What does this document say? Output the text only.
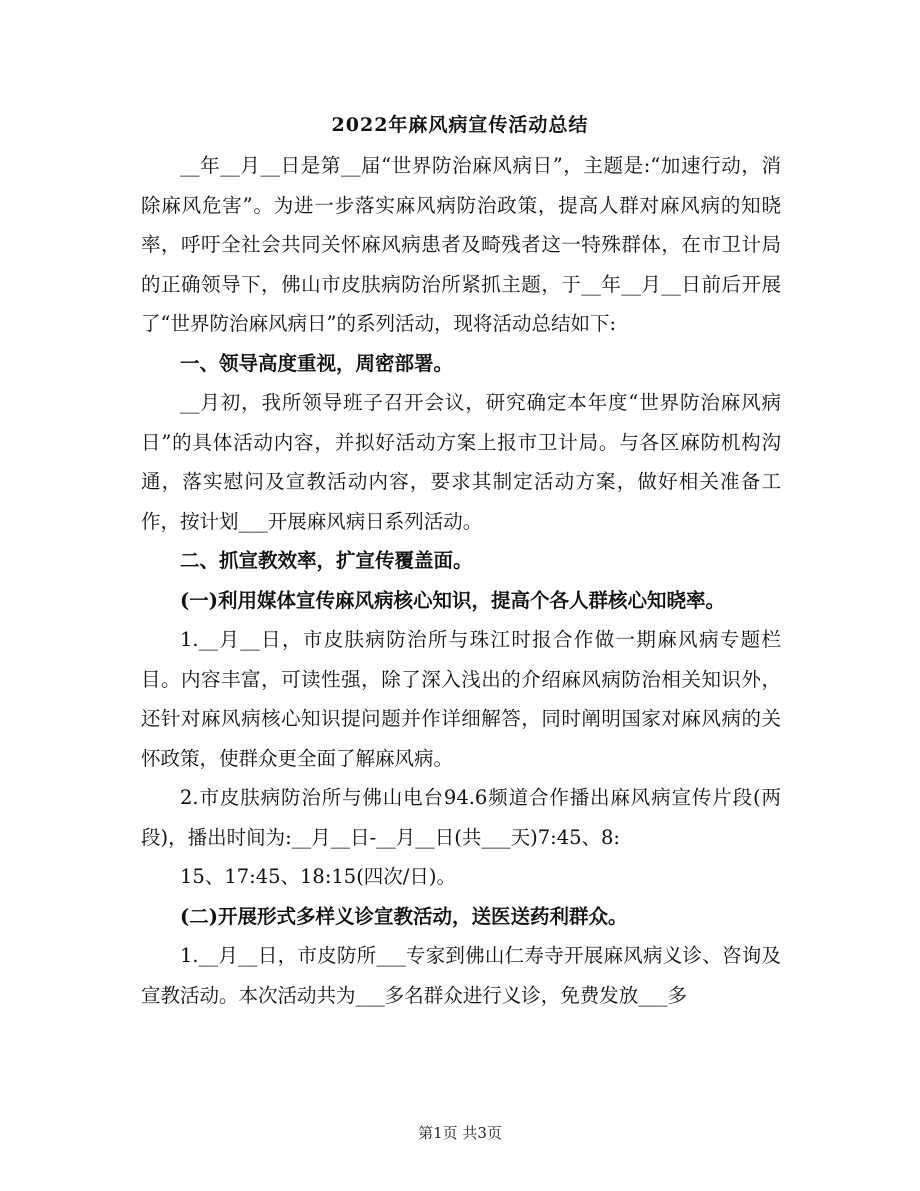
2022年麻风病宣传活动总结

__年__月__日是第__届“世界防治麻风病日”，主题是:“加速行动，消除麻风危害”。为进一步落实麻风病防治政策，提高人群对麻风病的知晓率，呼吁全社会共同关怀麻风病患者及畸残者这一特殊群体，在市卫计局的正确领导下，佛山市皮肤病防治所紧抓主题，于__年__月__日前后开展了“世界防治麻风病日”的系列活动，现将活动总结如下:

一、领导高度重视，周密部署。

__月初，我所领导班子召开会议，研究确定本年度“世界防治麻风病日”的具体活动内容，并拟好活动方案上报市卫计局。与各区麻防机构沟通，落实慰问及宣教活动内容，要求其制定活动方案，做好相关准备工作，按计划___开展麻风病日系列活动。

二、抓宣教效率，扩宣传覆盖面。

(一)利用媒体宣传麻风病核心知识，提高个各人群核心知晓率。

1.__月__日，市皮肤病防治所与珠江时报合作做一期麻风病专题栏目。内容丰富，可读性强，除了深入浅出的介绍麻风病防治相关知识外，还针对麻风病核心知识提问题并作详细解答，同时阐明国家对麻风病的关怀政策，使群众更全面了解麻风病。

2.市皮肤病防治所与佛山电台94.6频道合作播出麻风病宣传片段(两段)，播出时间为:__月__日-__月__日(共___天)7:45、8:

15、17:45、18:15(四次/日)。

(二)开展形式多样义诊宣教活动，送医送药利群众。

1.__月__日，市皮防所___专家到佛山仁寿寺开展麻风病义诊、咨询及宣教活动。本次活动共为___多名群众进行义诊，免费发放___多

第1页 共3页
